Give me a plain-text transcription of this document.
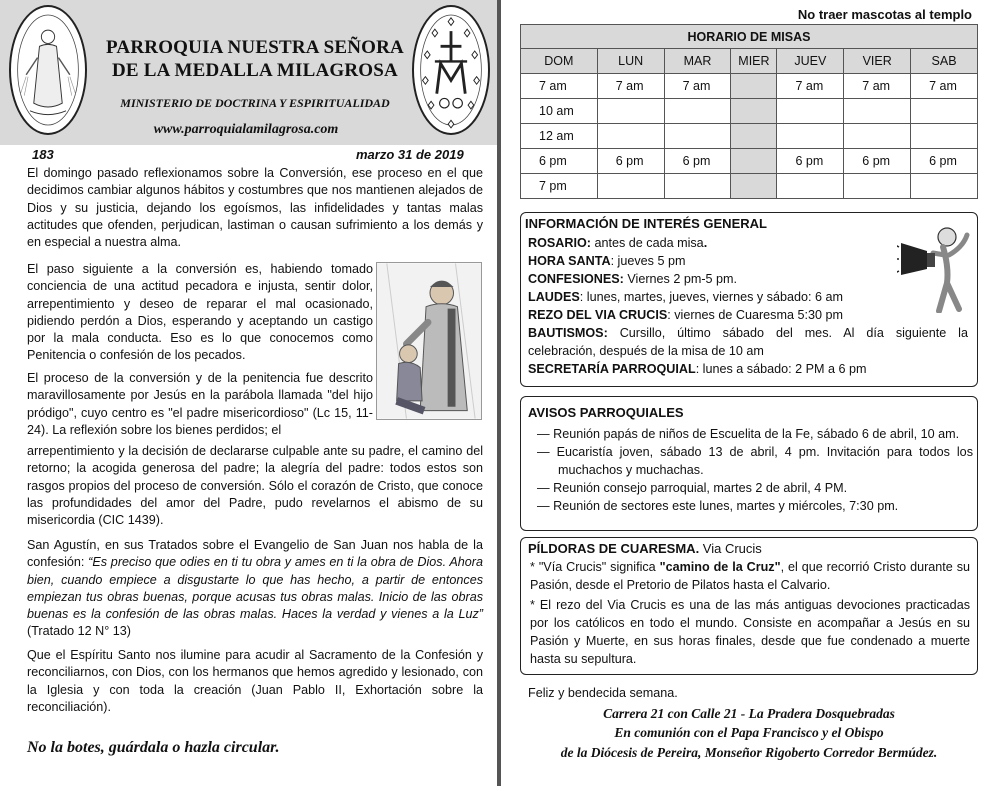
PARROQUIA NUESTRA SEÑORA
DE LA MEDALLA MILAGROSA
MINISTERIO DE DOCTRINA Y ESPIRITUALIDAD
www.parroquialamilagrosa.com
183	marzo 31 de 2019

El domingo pasado reflexionamos sobre la Conversión, ese proceso en el que decidimos cambiar algunos hábitos y costumbres que nos mantienen alejados de Dios y su justicia, dejando los egoísmos, las infidelidades y tantas malas actitudes que ofenden, perjudican, lastiman o causan sufrimiento a los demás y en especial a nuestra alma.

El paso siguiente a la conversión es, habiendo tomado conciencia de una actitud pecadora e injusta, sentir dolor, arrepentimiento y deseo de reparar el mal ocasionado, pidiendo perdón a Dios, esperando y aceptando un castigo por la mala conducta. Eso es lo que conocemos como Penitencia o confesión de los pecados.

El proceso de la conversión y de la penitencia fue descrito maravillosamente por Jesús en la parábola llamada "del hijo pródigo", cuyo centro es "el padre misericordioso" (Lc 15, 11-24). La reflexión sobre los bienes perdidos; el

arrepentimiento y la decisión de declararse culpable ante su padre, el camino del retorno; la acogida generosa del padre; la alegría del padre: todos estos son rasgos propios del proceso de conversión. Sólo el corazón de Cristo, que conoce las profundidades del amor del Padre, pudo revelarnos el abismo de su misericordia (CIC 1439).

San Agustín, en sus Tratados sobre el Evangelio de San Juan nos habla de la confesión: “Es preciso que odies en ti tu obra y ames en ti la obra de Dios. Ahora bien, cuando empiece a disgustarte lo que has hecho, a partir de entonces empiezan tus obras buenas, porque acusas tus obras malas. Inicio de las obras buenas es la confesión de las obras malas. Haces la verdad y vienes a la Luz” (Tratado 12 N° 13)

Que el Espíritu Santo nos ilumine para acudir al Sacramento de la Confesión y reconciliarnos, con Dios, con los hermanos que hemos agredido y lesionado, con la Iglesia y con toda la creación (Juan Pablo II, Exhortación sobre la reconciliación).

No la botes, guárdala o hazla circular.
No traer mascotas al templo
HORARIO DE MISAS						
DOM	LUN	MAR	MIER	JUEV	VIER	SAB
7 am	7 am	7 am		7 am	7 am	7 am
10 am						
12 am						
6 pm	6 pm	6 pm		6 pm	6 pm	6 pm
7 pm						
INFORMACIÓN DE INTERÉS GENERAL
ROSARIO: antes de cada misa.
HORA SANTA: jueves 5 pm
CONFESIONES: Viernes 2 pm-5 pm.
LAUDES: lunes, martes, jueves, viernes y sábado: 6 am
REZO DEL VIA CRUCIS: viernes de Cuaresma 5:30 pm
BAUTISMOS: Cursillo, último sábado del mes. Al día siguiente la
celebración, después de la misa de 10 am
SECRETARÍA PARROQUIAL: lunes a sábado: 2 PM a 6 pm
AVISOS PARROQUIALES
— Reunión papás de niños de Escuelita de la Fe, sábado 6 de abril, 10 am.
— Eucaristía joven, sábado 13 de abril, 4 pm. Invitación para todos los
muchachos y muchachas.
— Reunión consejo parroquial, martes 2 de abril, 4 PM.
— Reunión de sectores este lunes, martes y miércoles, 7:30 pm.
PÍLDORAS DE CUARESMA. Via Crucis

* "Vía Crucis" significa "camino de la Cruz", el que recorrió Cristo durante su Pasión, desde el Pretorio de Pilatos hasta el Calvario.

* El rezo del Via Crucis es una de las más antiguas devociones practicadas por los católicos en todo el mundo. Consiste en acompañar a Jesús en su Pasión y Muerte, en sus horas finales, desde que fue condenado a muerte hasta su sepultura.

Feliz y bendecida semana.
Carrera 21 con Calle 21 - La Pradera Dosquebradas
En comunión con el Papa Francisco y el Obispo
de la Diócesis de Pereira, Monseñor Rigoberto Corredor Bermúdez.
